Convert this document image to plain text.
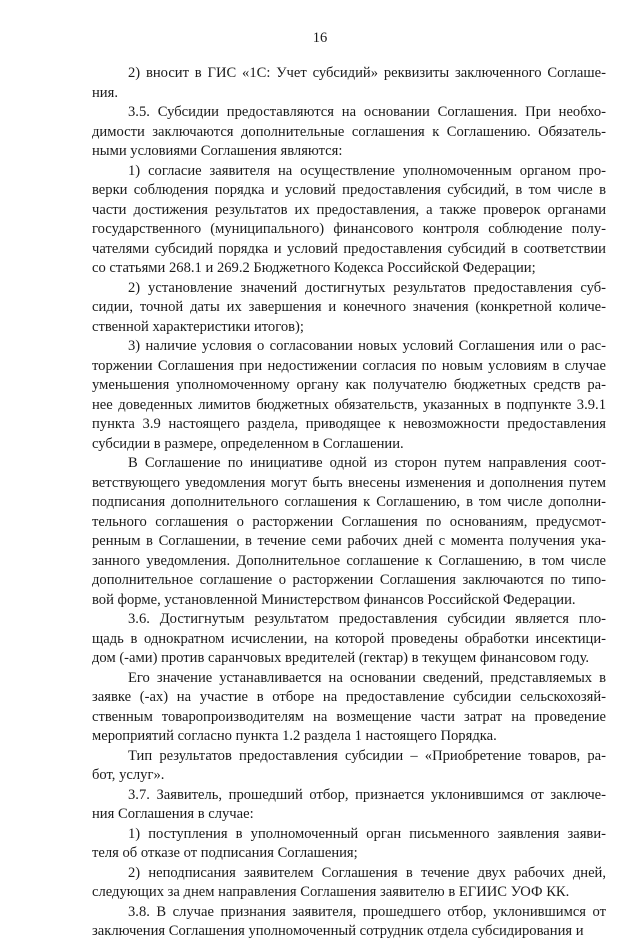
16

2) вносит в ГИС «1С: Учет субсидий» реквизиты заключенного Соглаше-
ния.

3.5. Субсидии предоставляются на основании Соглашения. При необхо-
димости заключаются дополнительные соглашения к Соглашению. Обязатель-
ными условиями Соглашения являются:

1) согласие заявителя на осуществление уполномоченным органом про-
верки соблюдения порядка и условий предоставления субсидий, в том числе в
части достижения результатов их предоставления, а также проверок органами
государственного (муниципального) финансового контроля соблюдение полу-
чателями субсидий порядка и условий предоставления субсидий в соответствии
со статьями 268.1 и 269.2 Бюджетного Кодекса Российской Федерации;

2) установление значений достигнутых результатов предоставления суб-
сидии, точной даты их завершения и конечного значения (конкретной количе-
ственной характеристики итогов);

3) наличие условия о согласовании новых условий Соглашения или о рас-
торжении Соглашения при недостижении согласия по новым условиям в случае
уменьшения уполномоченному органу как получателю бюджетных средств ра-
нее доведенных лимитов бюджетных обязательств, указанных в подпункте 3.9.1
пункта 3.9 настоящего раздела, приводящее к невозможности предоставления
субсидии в размере, определенном в Соглашении.

В Соглашение по инициативе одной из сторон путем направления соот-
ветствующего уведомления могут быть внесены изменения и дополнения путем
подписания дополнительного соглашения к Соглашению, в том числе дополни-
тельного соглашения о расторжении Соглашения по основаниям, предусмот-
ренным в Соглашении, в течение семи рабочих дней с момента получения ука-
занного уведомления. Дополнительное соглашение к Соглашению, в том числе
дополнительное соглашение о расторжении Соглашения заключаются по типо-
вой форме, установленной Министерством финансов Российской Федерации.

3.6. Достигнутым результатом предоставления субсидии является пло-
щадь в однократном исчислении, на которой проведены обработки инсектици-
дом (-ами) против саранчовых вредителей (гектар) в текущем финансовом году.

Его значение устанавливается на основании сведений, представляемых в
заявке (-ах) на участие в отборе на предоставление субсидии сельскохозяй-
ственным товаропроизводителям на возмещение части затрат на проведение
мероприятий согласно пункта 1.2 раздела 1 настоящего Порядка.

Тип результатов предоставления субсидии – «Приобретение товаров, ра-
бот, услуг».

3.7. Заявитель, прошедший отбор, признается уклонившимся от заключе-
ния Соглашения в случае:

1) поступления в уполномоченный орган письменного заявления заяви-
теля об отказе от подписания Соглашения;

2) неподписания заявителем Соглашения в течение двух рабочих дней,
следующих за днем направления Соглашения заявителю в ЕГИИС УОФ КК.

3.8. В случае признания заявителя, прошедшего отбор, уклонившимся от
заключения Соглашения уполномоченный сотрудник отдела субсидирования и
